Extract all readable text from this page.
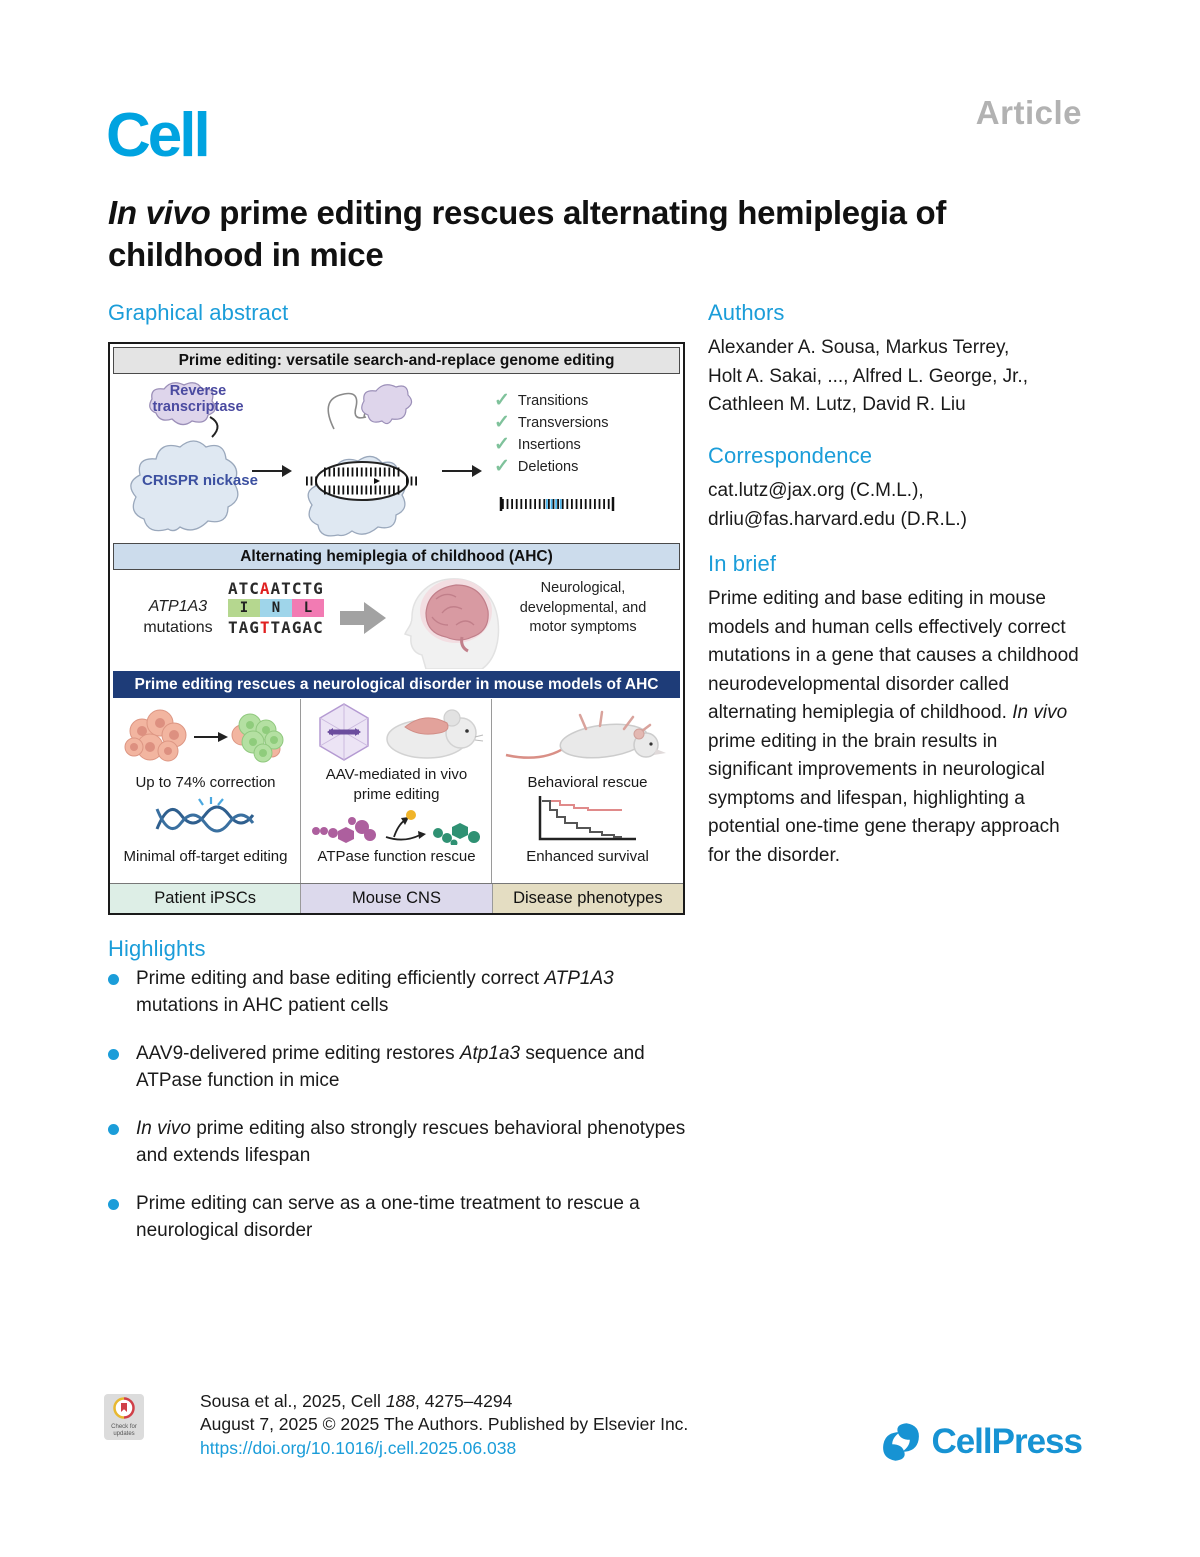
Article
Cell
In vivo prime editing rescues alternating hemiplegia of childhood in mice
Graphical abstract
Prime editing: versatile search-and-replace genome editing
Reverse transcriptase
CRISPR nickase
✓ Transitions
✓ Transversions
✓ Insertions
✓ Deletions
Alternating hemiplegia of childhood (AHC)
ATP1A3
mutations
ATCAATCTG
I	N	L
TAGTTAGAC
Neurological, developmental, and motor symptoms
Prime editing rescues a neurological disorder in mouse models of AHC
Up to 74% correction
Minimal off-target editing
AAV-mediated in vivo prime editing
ATPase function rescue
Behavioral rescue
Enhanced survival
Patient iPSCs	Mouse CNS	Disease phenotypes
Highlights
Prime editing and base editing efficiently correct ATP1A3 mutations in AHC patient cells
AAV9-delivered prime editing restores Atp1a3 sequence and ATPase function in mice
In vivo prime editing also strongly rescues behavioral phenotypes and extends lifespan
Prime editing can serve as a one-time treatment to rescue a neurological disorder
Authors
Alexander A. Sousa, Markus Terrey,
Holt A. Sakai, ..., Alfred L. George, Jr.,
Cathleen M. Lutz, David R. Liu
Correspondence
cat.lutz@jax.org (C.M.L.),
drliu@fas.harvard.edu (D.R.L.)
In brief
Prime editing and base editing in mouse models and human cells effectively correct mutations in a gene that causes a childhood neurodevelopmental disorder called alternating hemiplegia of childhood. In vivo prime editing in the brain results in significant improvements in neurological symptoms and lifespan, highlighting a potential one-time gene therapy approach for the disorder.
Check for updates
Sousa et al., 2025, Cell 188, 4275–4294
August 7, 2025 © 2025 The Authors. Published by Elsevier Inc.
https://doi.org/10.1016/j.cell.2025.06.038	CellPress
